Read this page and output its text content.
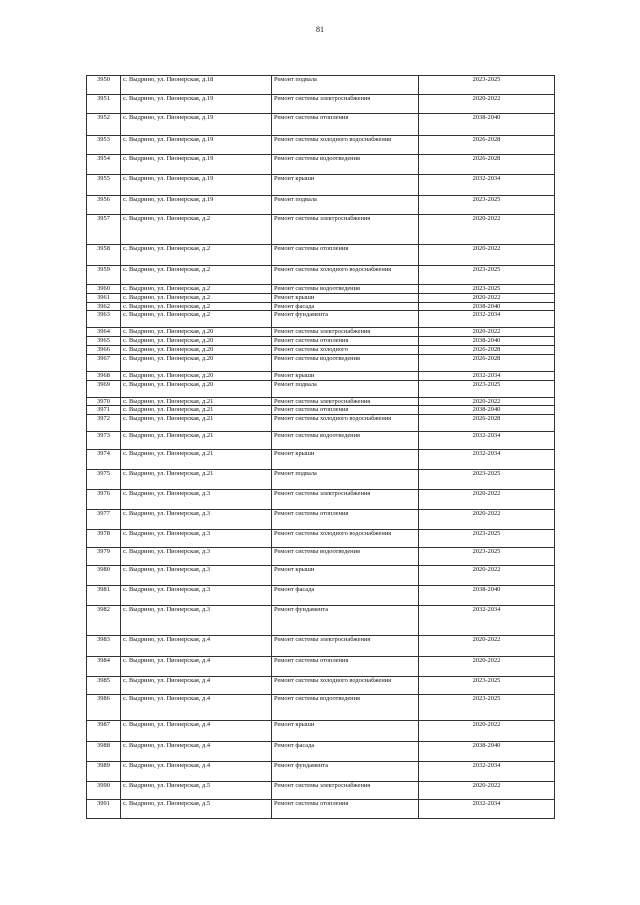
81
3950	с. Выдрино, ул. Пионерская, д.18	Ремонт подвала	2023-2025
3951	с. Выдрино, ул. Пионерская, д.19	Ремонт системы электроснабжения	2020-2022
3952	с. Выдрино, ул. Пионерская, д.19	Ремонт системы отопления	2038-2040
3953	с. Выдрино, ул. Пионерская, д.19	Ремонт системы холодного водоснабжения	2026-2028
3954	с. Выдрино, ул. Пионерская, д.19	Ремонт системы водоотведения	2026-2028
3955	с. Выдрино, ул. Пионерская, д.19	Ремонт крыши	2032-2034
3956	с. Выдрино, ул. Пионерская, д.19	Ремонт подвала	2023-2025
3957	с. Выдрино, ул. Пионерская, д.2	Ремонт системы электроснабжения	2020-2022
3958	с. Выдрино, ул. Пионерская, д.2	Ремонт системы отопления	2020-2022
3959	с. Выдрино, ул. Пионерская, д.2	Ремонт системы холодного водоснабжения	2023-2025
3960	с. Выдрино, ул. Пионерская, д.2	Ремонт системы водоотведения	2023-2025
3961	с. Выдрино, ул. Пионерская, д.2	Ремонт крыши	2020-2022
3962	с. Выдрино, ул. Пионерская, д.2	Ремонт фасада	2038-2040
3963	с. Выдрино, ул. Пионерская, д.2	Ремонт фундамента	2032-2034
3964	с. Выдрино, ул. Пионерская, д.20	Ремонт системы электроснабжения	2020-2022
3965	с. Выдрино, ул. Пионерская, д.20	Ремонт системы отопления	2038-2040
3966	с. Выдрино, ул. Пионерская, д.20	Ремонт системы холодного	2026-2028
3967	с. Выдрино, ул. Пионерская, д.20	Ремонт системы водоотведения	2026-2028
3968	с. Выдрино, ул. Пионерская, д.20	Ремонт крыши	2032-2034
3969	с. Выдрино, ул. Пионерская, д.20	Ремонт подвала	2023-2025
3970	с. Выдрино, ул. Пионерская, д.21	Ремонт системы электроснабжения	2020-2022
3971	с. Выдрино, ул. Пионерская, д.21	Ремонт системы отопления	2038-2040
3972	с. Выдрино, ул. Пионерская, д.21	Ремонт системы холодного водоснабжения	2026-2028
3973	с. Выдрино, ул. Пионерская, д.21	Ремонт системы водоотведения	2032-2034
3974	с. Выдрино, ул. Пионерская, д.21	Ремонт крыши	2032-2034
3975	с. Выдрино, ул. Пионерская, д.21	Ремонт подвала	2023-2025
3976	с. Выдрино, ул. Пионерская, д.3	Ремонт системы электроснабжения	2020-2022
3977	с. Выдрино, ул. Пионерская, д.3	Ремонт системы отопления	2020-2022
3978	с. Выдрино, ул. Пионерская, д.3	Ремонт системы холодного водоснабжения	2023-2025
3979	с. Выдрино, ул. Пионерская, д.3	Ремонт системы водоотведения	2023-2025
3980	с. Выдрино, ул. Пионерская, д.3	Ремонт крыши	2020-2022
3981	с. Выдрино, ул. Пионерская, д.3	Ремонт фасада	2038-2040
3982	с. Выдрино, ул. Пионерская, д.3	Ремонт фундамента	2032-2034
3983	с. Выдрино, ул. Пионерская, д.4	Ремонт системы электроснабжения	2020-2022
3984	с. Выдрино, ул. Пионерская, д.4	Ремонт системы отопления	2020-2022
3985	с. Выдрино, ул. Пионерская, д.4	Ремонт системы холодного водоснабжения	2023-2025
3986	с. Выдрино, ул. Пионерская, д.4	Ремонт системы водоотведения	2023-2025
3987	с. Выдрино, ул. Пионерская, д.4	Ремонт крыши	2020-2022
3988	с. Выдрино, ул. Пионерская, д.4	Ремонт фасада	2038-2040
3989	с. Выдрино, ул. Пионерская, д.4	Ремонт фундамента	2032-2034
3990	с. Выдрино, ул. Пионерская, д.5	Ремонт системы электроснабжения	2020-2022
3991	с. Выдрино, ул. Пионерская, д.5	Ремонт системы отопления	2032-2034
